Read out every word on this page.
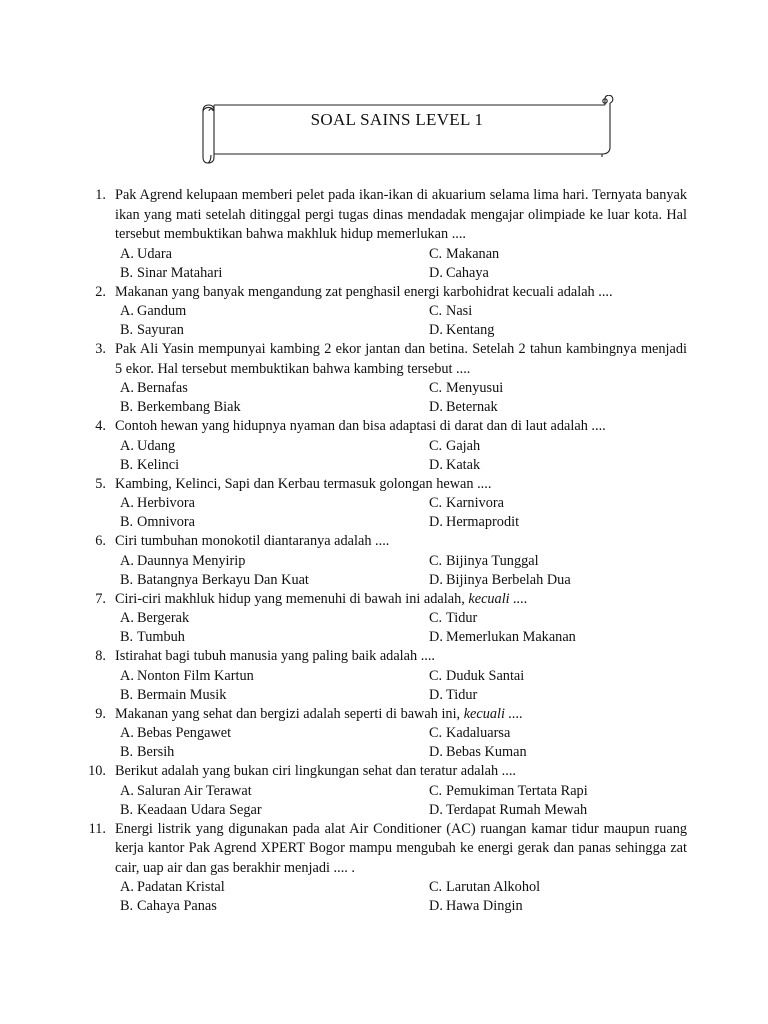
SOAL SAINS LEVEL 1
1. Pak Agrend kelupaan memberi pelet pada ikan-ikan di akuarium selama lima hari. Ternyata banyak ikan yang mati setelah ditinggal pergi tugas dinas mendadak mengajar olimpiade ke luar kota. Hal tersebut membuktikan bahwa makhluk hidup memerlukan ....
A. Udara	C. Makanan
B. Sinar Matahari	D. Cahaya
2. Makanan yang banyak mengandung zat penghasil energi karbohidrat kecuali adalah ....
A. Gandum	C. Nasi
B. Sayuran	D. Kentang
3. Pak Ali Yasin mempunyai kambing 2 ekor jantan dan betina. Setelah 2 tahun kambingnya menjadi 5 ekor. Hal tersebut membuktikan bahwa kambing tersebut ....
A. Bernafas	C. Menyusui
B. Berkembang Biak	D. Beternak
4. Contoh hewan yang hidupnya nyaman dan bisa adaptasi di darat dan di laut adalah ....
A. Udang	C. Gajah
B. Kelinci	D. Katak
5. Kambing, Kelinci, Sapi dan Kerbau termasuk golongan hewan ....
A. Herbivora	C. Karnivora
B. Omnivora	D. Hermaprodit
6. Ciri tumbuhan monokotil diantaranya adalah ....
A. Daunnya Menyirip	C. Bijinya Tunggal
B. Batangnya Berkayu Dan Kuat	D. Bijinya Berbelah Dua
7. Ciri-ciri makhluk hidup yang memenuhi di bawah ini adalah, kecuali ....
A. Bergerak	C. Tidur
B. Tumbuh	D. Memerlukan Makanan
8. Istirahat bagi tubuh manusia yang paling baik adalah ....
A. Nonton Film Kartun	C. Duduk Santai
B. Bermain Musik	D. Tidur
9. Makanan yang sehat dan bergizi adalah seperti di bawah ini, kecuali ....
A. Bebas Pengawet	C. Kadaluarsa
B. Bersih	D. Bebas Kuman
10. Berikut adalah yang bukan ciri lingkungan sehat dan teratur adalah ....
A. Saluran Air Terawat	C. Pemukiman Tertata Rapi
B. Keadaan Udara Segar	D. Terdapat Rumah Mewah
11. Energi listrik yang digunakan pada alat Air Conditioner (AC) ruangan kamar tidur maupun ruang kerja kantor Pak Agrend XPERT Bogor mampu mengubah ke energi gerak dan panas sehingga zat cair, uap air dan gas berakhir menjadi .... .
A. Padatan Kristal	C. Larutan Alkohol
B. Cahaya Panas	D. Hawa Dingin
